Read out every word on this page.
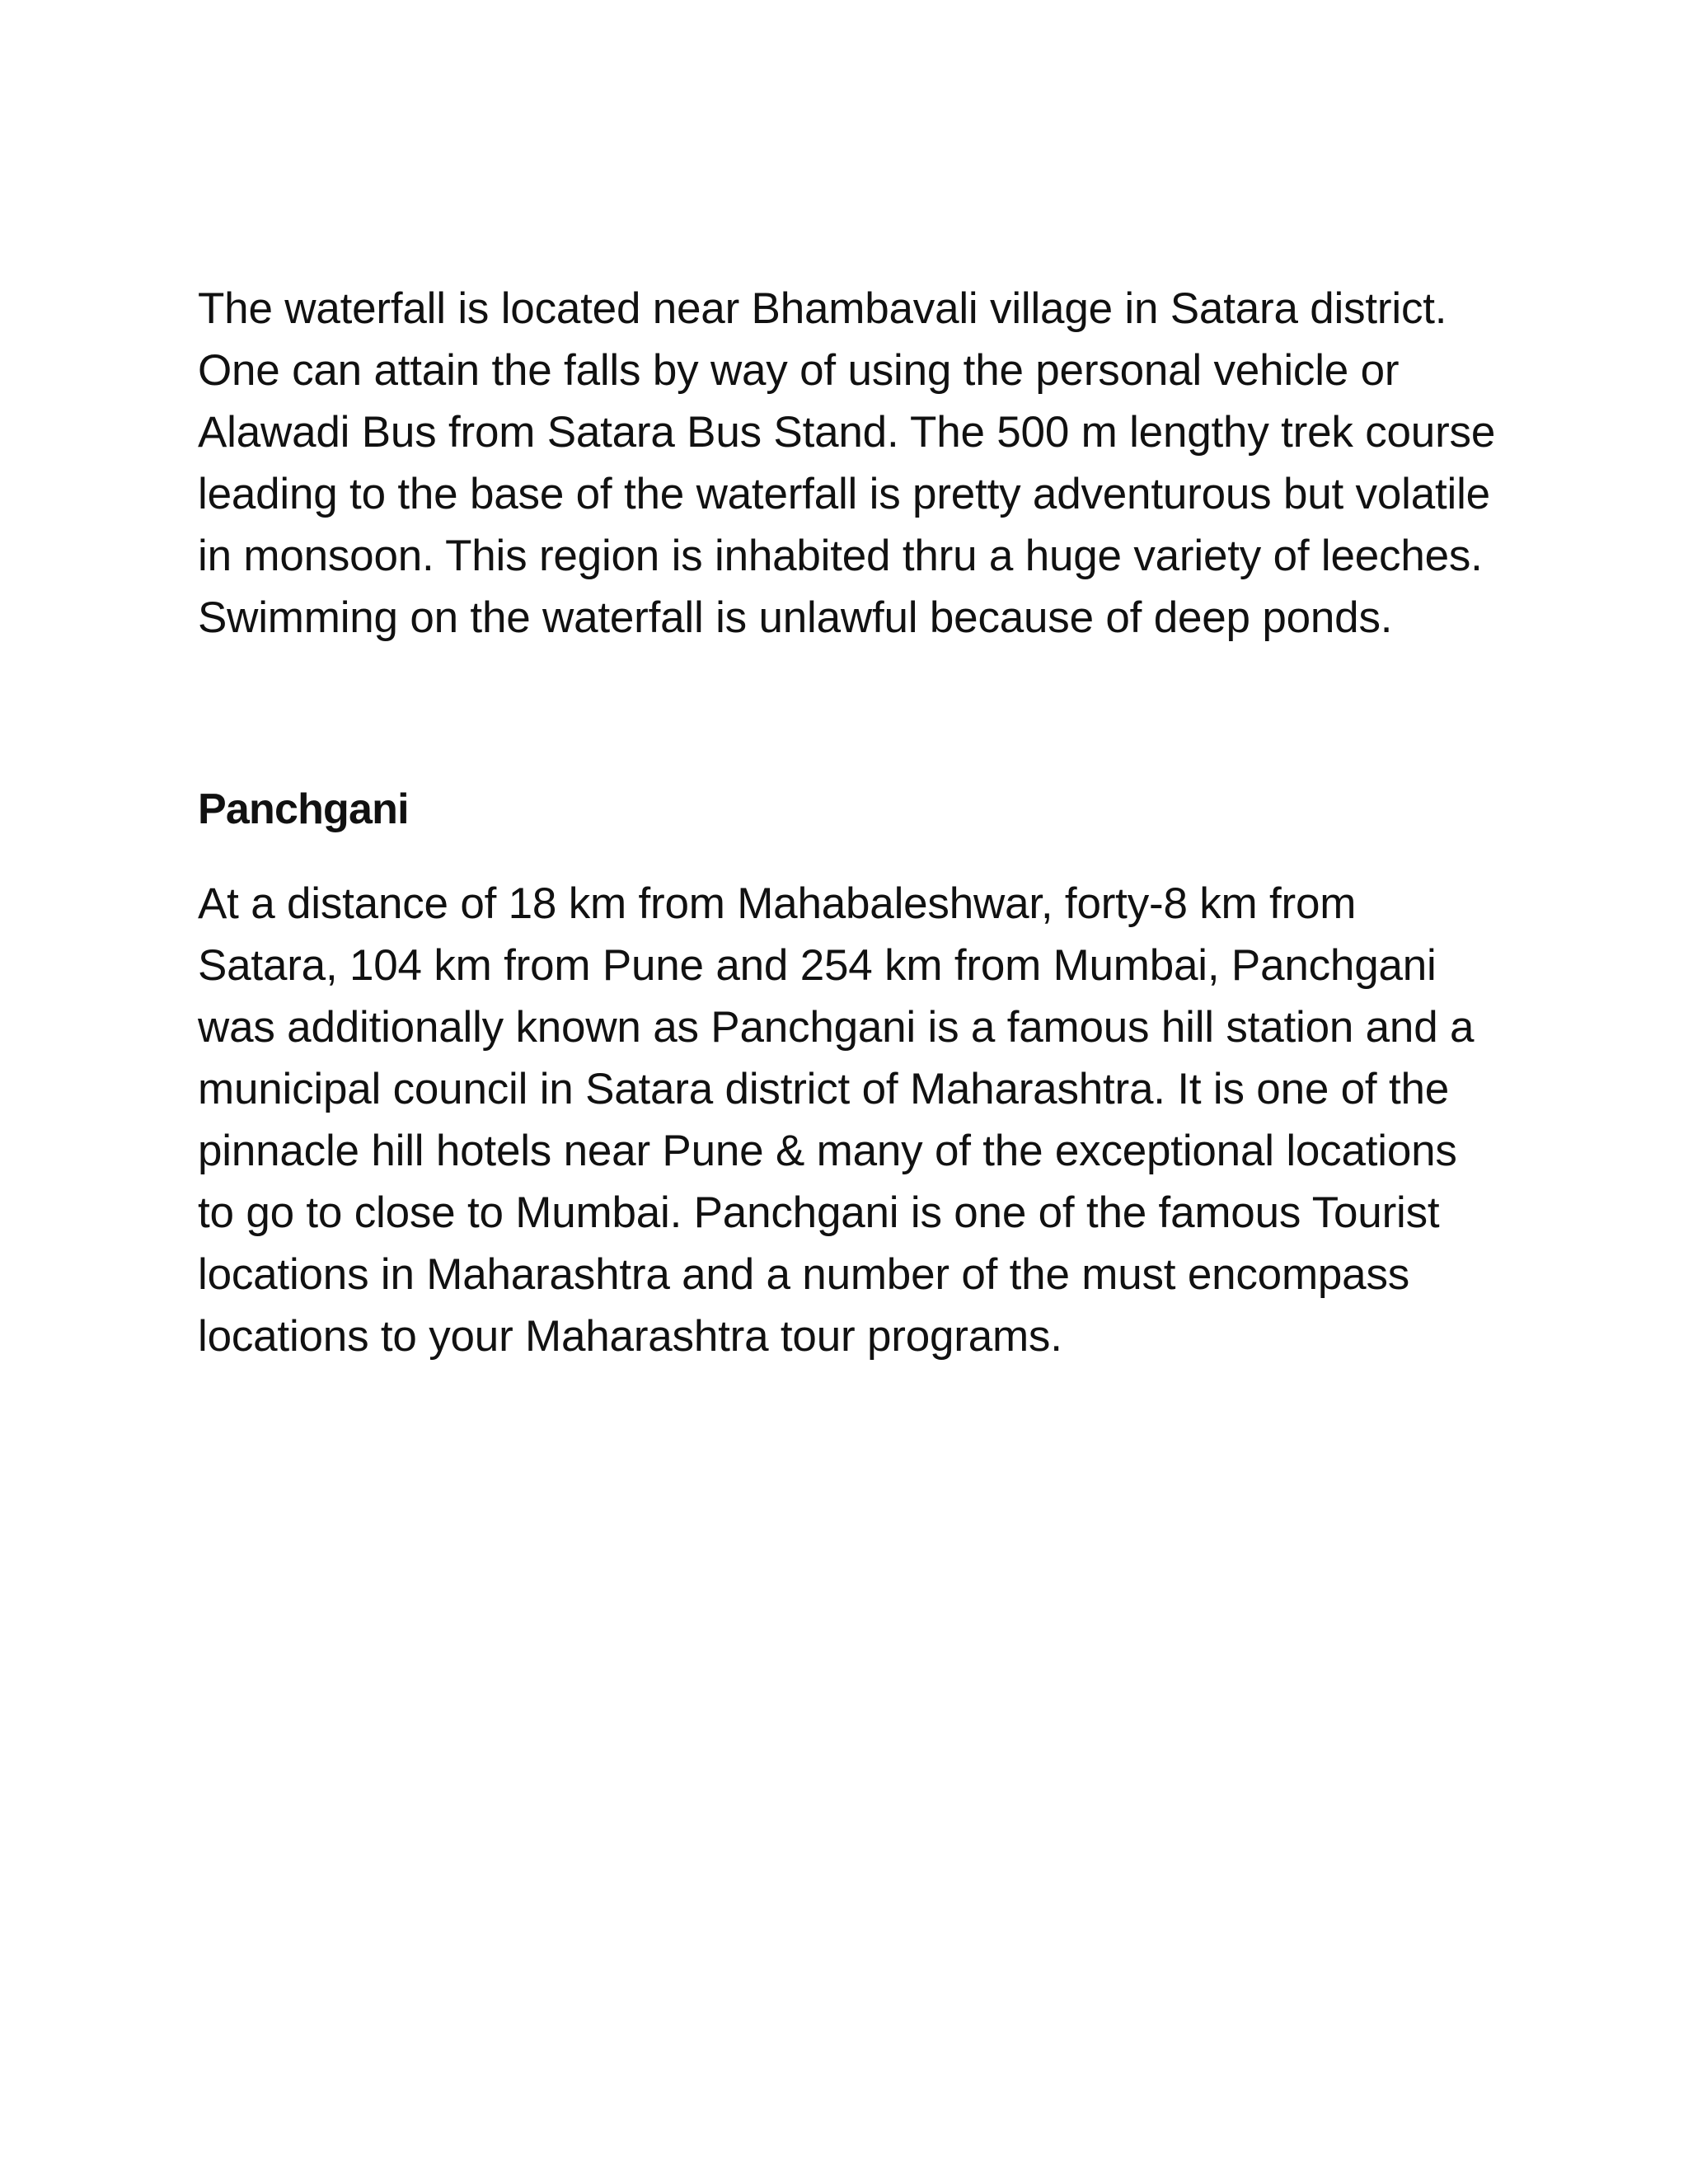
The waterfall is located near Bhambavali village in Satara district. One can attain the falls by way of using the personal vehicle or Alawadi Bus from Satara Bus Stand. The 500 m lengthy trek course leading to the base of the waterfall is pretty adventurous but volatile in monsoon. This region is inhabited thru a huge variety of leeches. Swimming on the waterfall is unlawful because of deep ponds.

Panchgani

At a distance of 18 km from Mahabaleshwar, forty-8 km from Satara, 104 km from Pune and 254 km from Mumbai, Panchgani was additionally known as Panchgani is a famous hill station and a municipal council in Satara district of Maharashtra. It is one of the pinnacle hill hotels near Pune & many of the exceptional locations to go to close to Mumbai. Panchgani is one of the famous Tourist locations in Maharashtra and a number of the must encompass locations to your Maharashtra tour programs.
